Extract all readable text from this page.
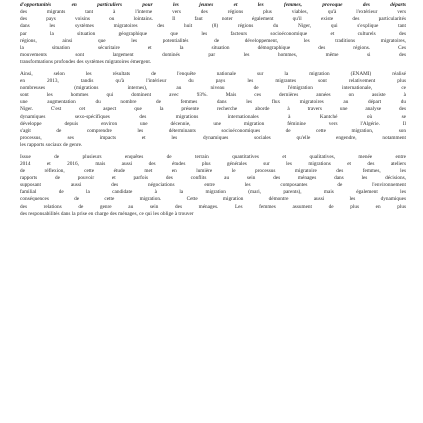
d'opportunités en particuliers pour les jeunes et les femmes, provoque des départs
des migrants tant à l'interne vers des régions plus viables, qu'à l'extérieur vers
des pays voisins ou lointains. Il faut noter également qu'il existe des particularités
dans les systèmes migratoires des huit (8) régions du Niger, qui s'explique tant
par la situation géographique que les facteurs socioéconomique et culturels des
régions, ainsi que les potentialités de développement, les traditions migratoires,
la situation sécuritaire et la situation démographique des régions. Ces
mouvements sont largement dominés par les hommes, même si des
transformations profondes des systèmes migratoires émergent.

Ainsi, selon les résultats de l'enquête nationale sur la migration (ENAMI) réalisé
en 2013, tandis qu'à l'intérieur du pays les migrantes sont relativement plus
nombreuses (migrations internes), au niveau de l'émigration internationale, ce
sont les hommes qui dominent avec 93%. Mais ces dernières années on assiste à
une augmentation du nombre de femmes dans les flux migratoires au départ du
Niger. C'est cet aspect que la présente recherche aborde à travers une analyse des
dynamiques sexo-spécifiques des migrations internationales à Kantché où se
développe depuis environ une décennie, une migration féminine vers l'Algérie. Il
s'agit de comprendre les déterminants socioéconomiques de cette migration, son
processus, ses impacts et les dynamiques sociales qu'elle engendre, notamment
les rapports sociaux de genre.

Issue de plusieurs enquêtes de terrain quantitatives et qualitatives, menée entre
2014 et 2016, mais aussi des études plus générales sur les migrations et des ateliers
de réflexion, cette étude met en lumière le processus migratoire des femmes, les
rapports de pouvoir et parfois des conflits au sein des ménages dans les décisions,
supposant aussi des négociations entre les composantes de l'environnement
familial de la candidate à la migration (mari, parents), mais également les
conséquences de cette migration. Cette migration démontre aussi les dynamiques
des relations de genre au sein des ménages. Les femmes assument de plus en plus
des responsabilités dans la prise en charge des ménages, ce qui les oblige à trouver
